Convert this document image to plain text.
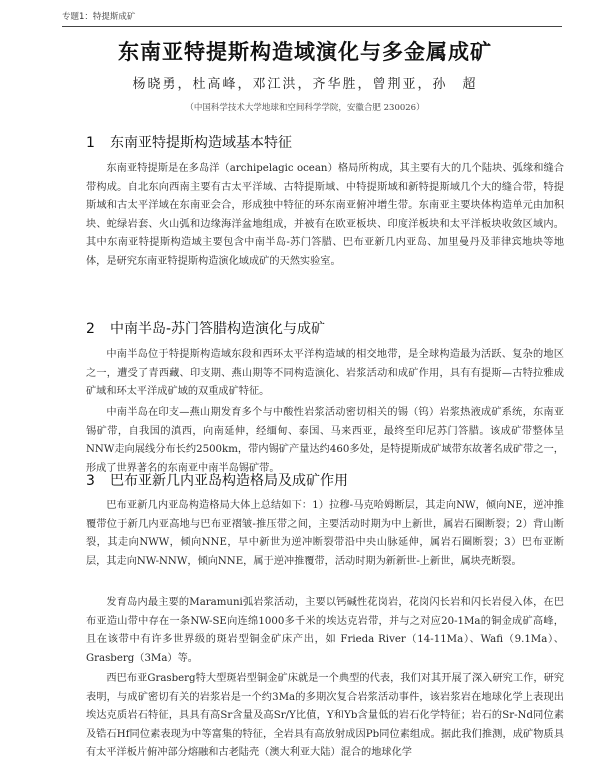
专题1：特提斯成矿
东南亚特提斯构造域演化与多金属成矿
杨晓勇，杜高峰，邓江洪，齐华胜，曾荆亚，孙　超
（中国科学技术大学地球和空间科学学院，安徽合肥 230026）
1 东南亚特提斯构造域基本特征

东南亚特提斯是在多岛洋（archipelagic ocean）格局所构成，其主要有大的几个陆块、弧缘和缝合带构成。自北东向西南主要有古太平洋域、古特提斯域、中特提斯域和新特提斯域几个大的缝合带，特提斯域和古太平洋域在东南亚会合，形成独中特征的环东南亚俯冲增生带。东南亚主要块体构造单元由加积块、蛇绿岩套、火山弧和边缘海洋盆地组成，并被有在欧亚板块、印度洋板块和太平洋板块收敛区域内。其中东南亚特提斯构造域主要包含中南半岛-苏门答腊、巴布亚新几内亚岛、加里曼丹及菲律宾地块等地体，是研究东南亚特提斯构造演化域成矿的天然实验室。

2 中南半岛-苏门答腊构造演化与成矿

中南半岛位于特提斯构造域东段和西环太平洋构造域的相交地带，是全球构造最为活跃、复杂的地区之一，遭受了青西藏、印支期、燕山期等不同构造演化、岩浆活动和成矿作用，具有有提斯—古特拉雅成矿域和环太平洋成矿域的双重成矿特征。

中南半岛在印支—燕山期发育多个与中酸性岩浆活动密切相关的锡（钨）岩浆热液成矿系统，东南亚锡矿带，自我国的滇西，向南延伸，经缅甸、泰国、马来西亚，最终至印尼苏门答腊。该成矿带整体呈NNW走向展线分布长约2500km，带内锡矿产量达约460多处，是特提斯成矿域带东故著名成矿带之一，形成了世界著名的东南亚中南半岛锡矿带。

3 巴布亚新几内亚岛构造格局及成矿作用

巴布亚新几内亚岛构造格局大体上总结如下：1）拉穆-马克哈姆断层，其走向NW，倾向NE，逆冲推覆带位于新几内亚高地与巴布亚褶皱-推压带之间，主要活动时期为中上新世，属岩石圈断裂；2）背山断裂，其走向NWW，倾向NNE，早中新世为逆冲断裂带沿中央山脉延伸，属岩石圈断裂；3）巴布亚断层，其走向NW-NNW，倾向NNE，属于逆冲推覆带，活动时期为新新世-上新世，属块壳断裂。

发育岛内最主要的Maramuni弧岩浆活动，主要以钙碱性花岗岩，花岗闪长岩和闪长岩侵入体，在巴布亚造山带中存在一条NW-SE向连绵1000多千米的埃达克岩带，并与之对应20-1Ma的铜金成矿高峰，且在该带中有许多世界级的斑岩型铜金矿床产出，如 Frieda River（14-11Ma）、Wafi（9.1Ma）、Grasberg（3Ma）等。

西巴布亚Grasberg特大型斑岩型铜金矿床就是一个典型的代表，我们对其开展了深入研究工作，研究表明，与成矿密切有关的岩浆岩是一个约3Ma的多期次复合岩浆活动事件，该岩浆岩在地球化学上表现出埃达克质岩石特征，具具有高Sr含量及高Sr/Y比值，Y和Yb含量低的岩石化学特征；岩石的Sr-Nd同位素及锆石Hf同位素表现为中等富集的特征，全岩具有高放射成因Pb同位素组成。据此我们推测，成矿物质具有太平洋板片俯冲部分熔融和古老陆壳（澳大利亚大陆）混合的地球化学
